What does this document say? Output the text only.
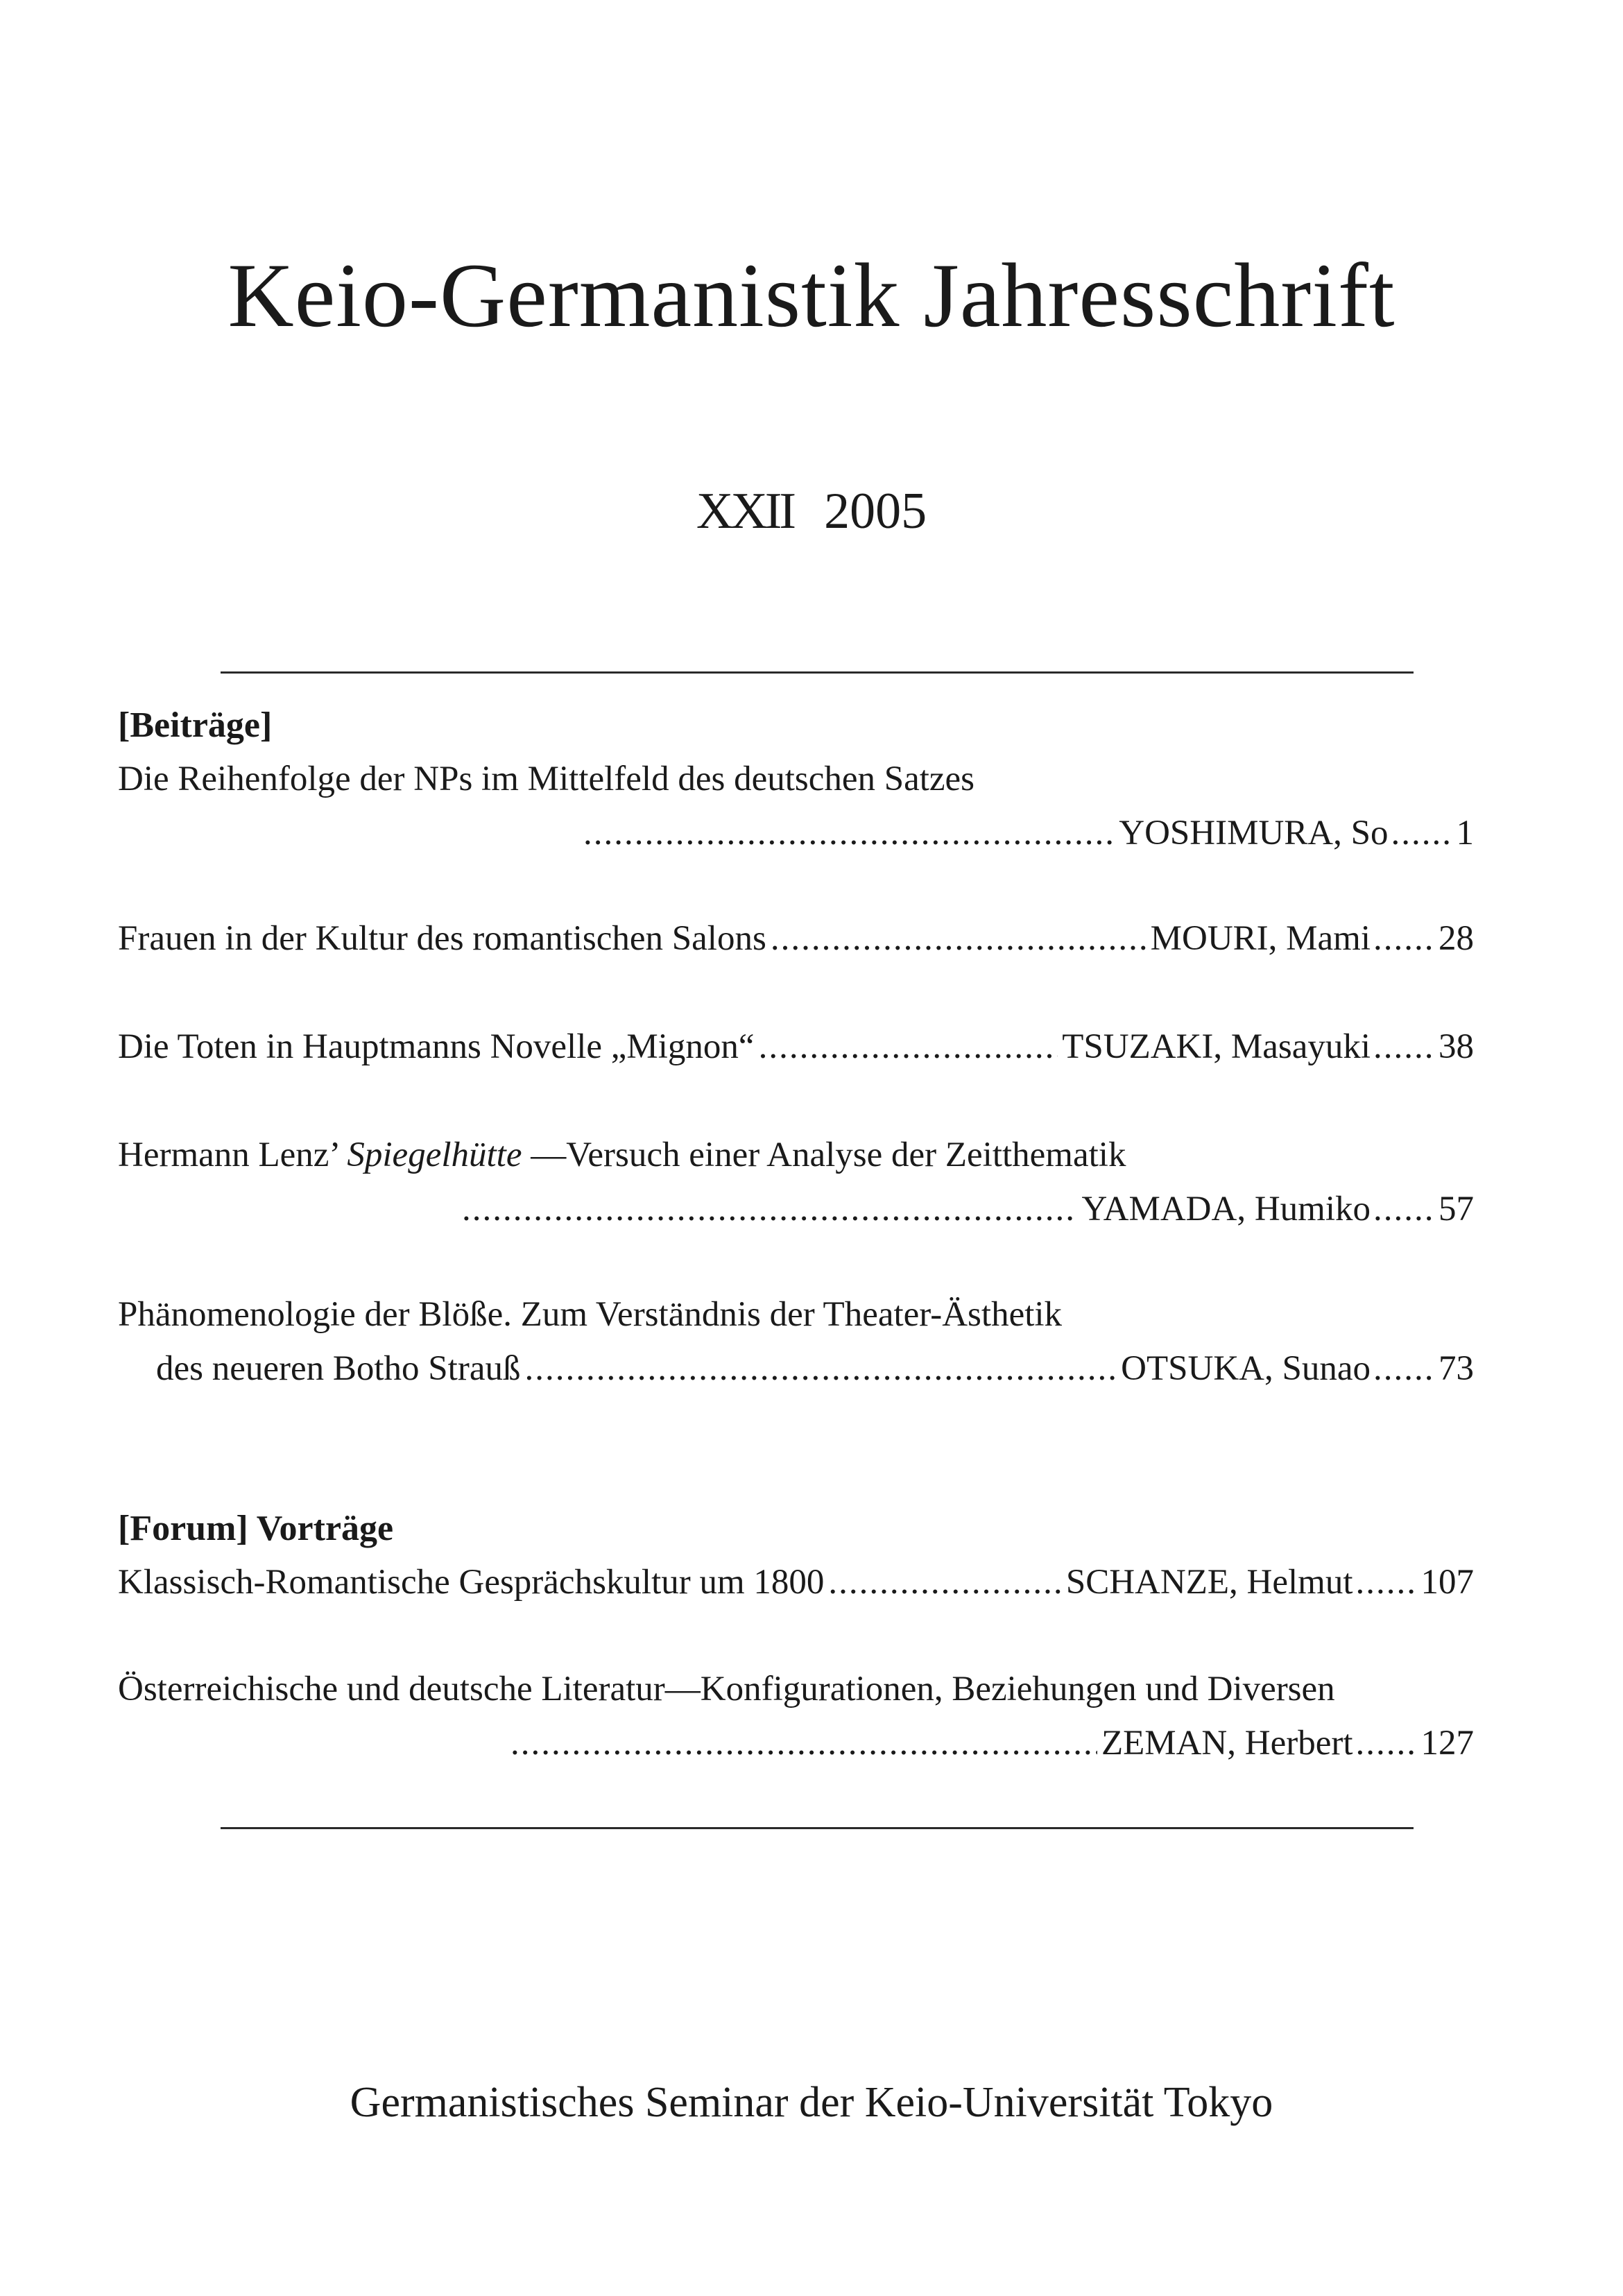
Keio-Germanistik Jahresschrift
XXII 2005
[Beiträge]
Die Reihenfolge der NPs im Mittelfeld des deutschen Satzes
.....
YOSHIMURA, So ..... 1
Frauen in der Kultur des romantischen Salons .....	MOURI, Mami ..... 28
Die Toten in Hauptmanns Novelle „Mignon“ .....	TSUZAKI, Masayuki ..... 38
Hermann Lenz’ Spiegelhütte —Versuch einer Analyse der Zeitthematik
.....
YAMADA, Humiko ..... 57
Phänomenologie der Blöße. Zum Verständnis der Theater-Ästhetik
des neueren Botho Strauß .....	OTSUKA, Sunao ..... 73
[Forum] Vorträge
Klassisch-Romantische Gesprächskultur um 1800 .....	SCHANZE, Helmut ..... 107
Österreichische und deutsche Literatur—Konfigurationen, Beziehungen und Diversen
.....
ZEMAN, Herbert ..... 127
Germanistisches Seminar der Keio-Universität Tokyo
